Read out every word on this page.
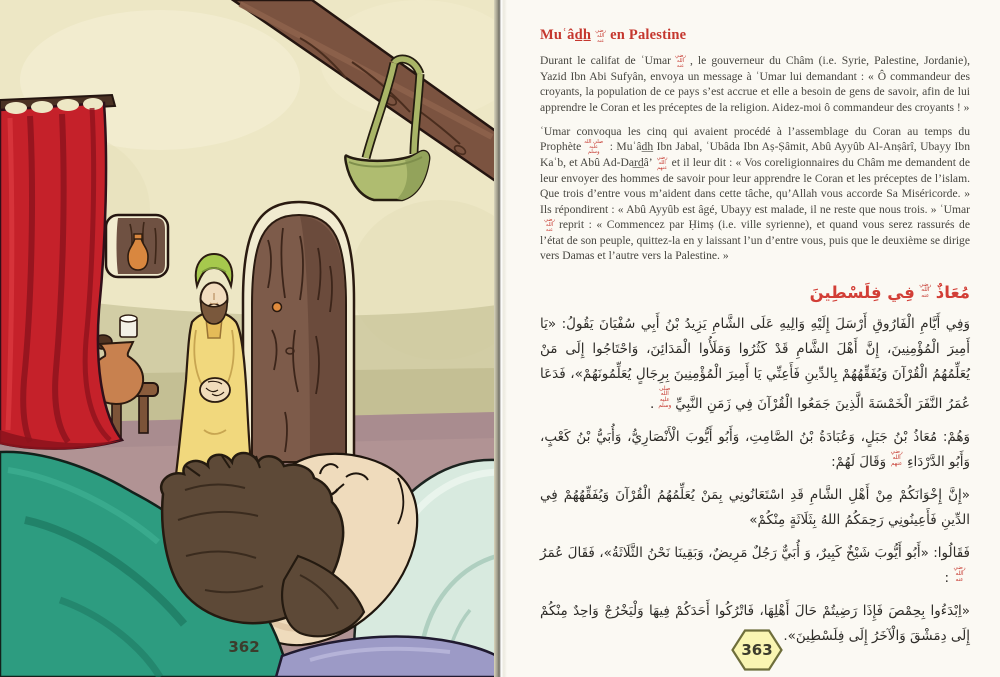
362
Muʿâd̲h̲ رضي الله عنه en Palestine

Durant le califat de ʿUmar رضي الله عنه , le gouverneur du Châm (i.e. Syrie, Palestine, Jordanie), Yazid Ibn Abi Sufyân, envoya un message à ʿUmar lui demandant : « Ô commandeur des croyants, la population de ce pays s’est accrue et elle a besoin de gens de savoir, afin de lui apprendre le Coran et les préceptes de la religion. Aidez-moi ô commandeur des croyants ! »

ʿUmar convoqua les cinq qui avaient procédé à l’assemblage du Coran au temps du Prophète صلى الله عليه وسلم : Muʿâd̲h̲ Ibn Jabal, ʿUbâda Ibn Aṣ-Ṣâmit, Abû Ayyûb Al-Anṣârî, Ubayy Ibn Kaʿb, et Abû Ad-Dar̲d̲â’ رضي الله عنهم et il leur dit : « Vos coreligionnaires du Châm me demandent de leur envoyer des hommes de savoir pour leur apprendre le Coran et les préceptes de l’islam. Que trois d’entre vous m’aident dans cette tâche, qu’Allah vous accorde Sa Miséricorde. » Ils répondirent : « Abû Ayyûb est âgé, Ubayy est malade, il ne reste que nous trois. » ʿUmarرضي الله عنه reprit : « Commencez par Ḥimṣ (i.e. ville syrienne), et quand vous serez rassurés de l’état de son peuple, quittez-la en y laissant l’un d’entre vous, puis que le deuxième se dirige vers Damas et l’autre vers la Palestine. »

مُعَاذٌرضي الله عنهفِي فِلَسْطِينَ

وَفِي أَيَّامِ الْفَارُوقِ أَرْسَلَ إِلَيْهِ وَالِيهِ عَلَى الشَّامِ يَزِيدُ بْنُ أَبِي سُفْيَانَ يَقُولُ: «يَا أَمِيرَ الْمُؤْمِنِينَ، إِنَّ أَهْلَ الشَّامِ قَدْ كَثُرُوا وَمَلَأُوا الْمَدَائِنَ، وَاحْتَاجُوا إِلَى مَنْ يُعَلِّمُهُمُ الْقُرْآنَ وَيُفَقِّهُهُمْ بِالدِّينِ فَأَعِنِّي يَا أَمِيرَ الْمُؤْمِنِينَ بِرِجَالٍ يُعَلِّمُونَهُمْ»، فَدَعَا عُمَرُ النَّفَرَ الْخَمْسَةَ الَّذِينَ جَمَعُوا الْقُرْآنَ فِي زَمَنِ النَّبِيِّصلى الله عليه وسلم.

وَهُمْ: مُعَاذُ بْنُ جَبَلٍ، وَعُبَادَةُ بْنُ الصَّامِتِ، وَأَبُو أَيُّوبَ الْأَنْصَارِيُّ، وَأُبَيُّ بْنُ كَعْبٍ، وَأَبُو الدَّرْدَاءِرضي الله عنهموَقَالَ لَهُمْ:

«إِنَّ إِخْوَانَكُمْ مِنْ أَهْلِ الشَّامِ قَدِ اسْتَعَانُونِي بِمَنْ يُعَلِّمُهُمُ الْقُرْآنَ وَيُفَقِّهُهُمْ فِي الدِّينِ فَأَعِينُونِي رَحِمَكُمُ اللهُ بِثَلَاثَةٍ مِنْكُمْ»

فَقَالُوا: «أَبُو أَيُّوبَ شَيْخٌ كَبِيرٌ، وَ أُبَيٌّ رَجُلٌ مَرِيضٌ، وَبَقِينَا نَحْنُ الثَّلَاثَةُ»، فَقَالَ عُمَرُرضي الله عنه:

«اِبْدَءُوا بِحِمْصَ فَإِذَا رَضِيتُمْ حَالَ أَهْلِهَا، فَاتْرُكُوا أَحَدَكُمْ فِيهَا وَلْيَخْرُجْ وَاحِدٌ مِنْكُمْ إِلَى دِمَشْقَ وَالْآخَرُ إِلَى فِلَسْطِينَ».

363
